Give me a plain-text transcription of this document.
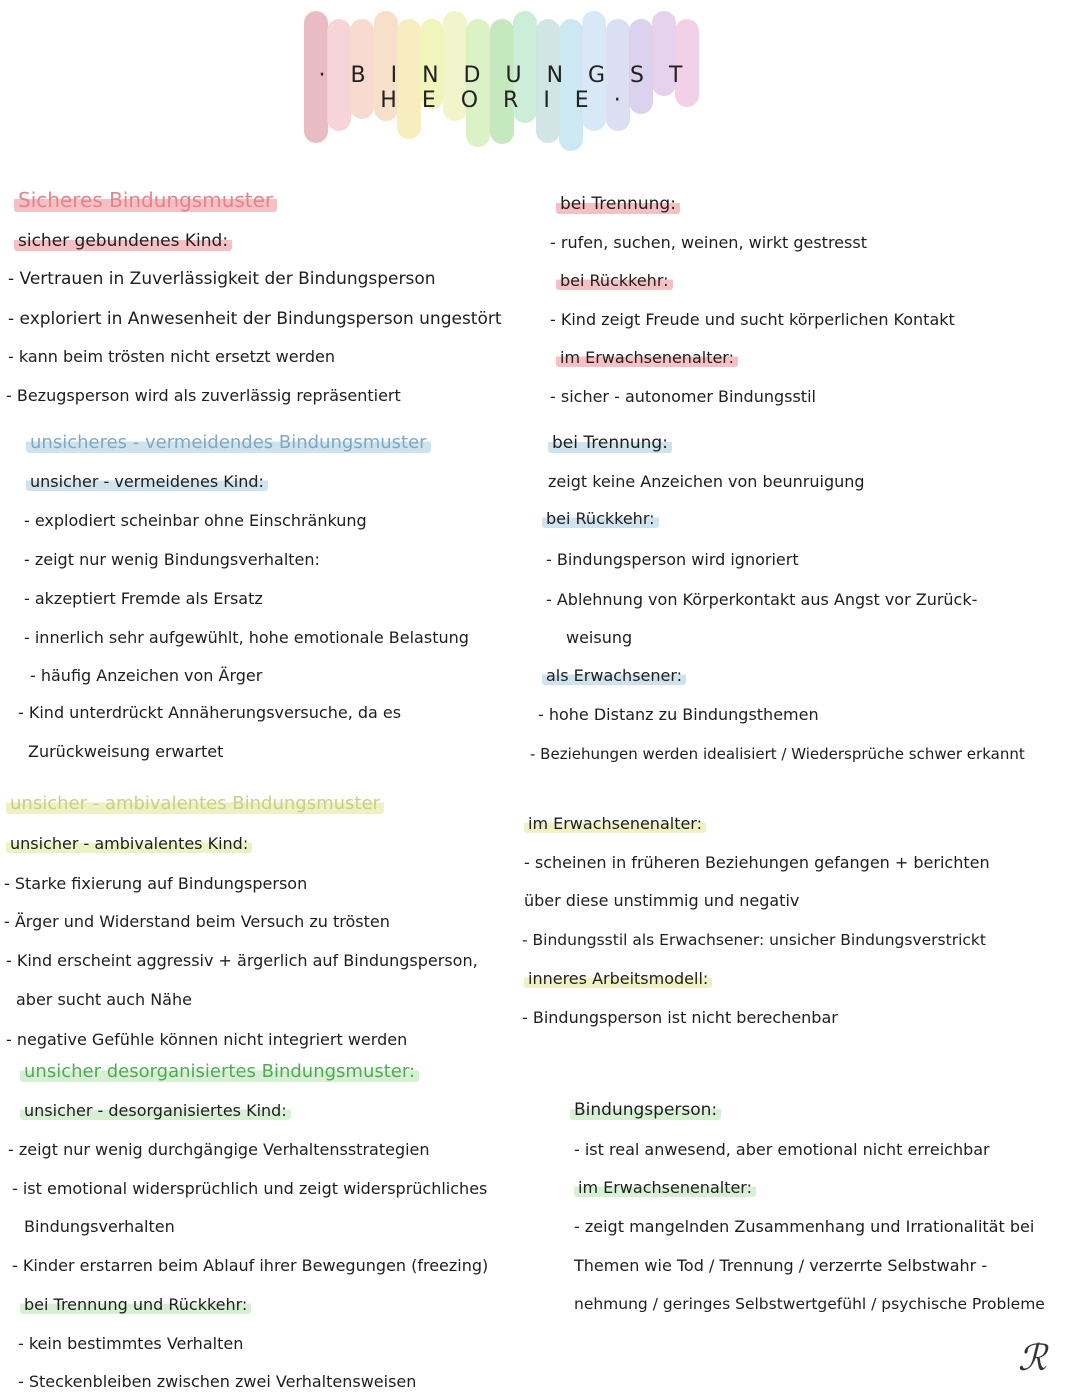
· B I N D U N G S T H E O R I E ·
Sicheres Bindungsmuster
sicher gebundenes Kind:
- Vertrauen in Zuverlässigkeit der Bindungsperson
- exploriert in Anwesenheit der Bindungsperson ungestört
- kann beim trösten nicht ersetzt werden
- Bezugsperson wird als zuverlässig repräsentiert
bei Trennung:
- rufen, suchen, weinen, wirkt gestresst
bei Rückkehr:
- Kind zeigt Freude und sucht körperlichen Kontakt
im Erwachsenenalter:
- sicher - autonomer Bindungsstil
unsicheres - vermeidendes Bindungsmuster
unsicher - vermeidenes Kind:
- explodiert scheinbar ohne Einschränkung
- zeigt nur wenig Bindungsverhalten:
- akzeptiert Fremde als Ersatz
- innerlich sehr aufgewühlt, hohe emotionale Belastung
- häufig Anzeichen von Ärger
- Kind unterdrückt Annäherungsversuche, da es
Zurückweisung erwartet
bei Trennung:
zeigt keine Anzeichen von beunruigung
bei Rückkehr:
- Bindungsperson wird ignoriert
- Ablehnung von Körperkontakt aus Angst vor Zurück-
weisung
als Erwachsener:
- hohe Distanz zu Bindungsthemen
- Beziehungen werden idealisiert / Wiedersprüche schwer erkannt
unsicher - ambivalentes Bindungsmuster
unsicher - ambivalentes Kind:
- Starke fixierung auf Bindungsperson
- Ärger und Widerstand beim Versuch zu trösten
- Kind erscheint aggressiv + ärgerlich auf Bindungsperson,
aber sucht auch Nähe
- negative Gefühle können nicht integriert werden
im Erwachsenenalter:
- scheinen in früheren Beziehungen gefangen + berichten
über diese unstimmig und negativ
- Bindungsstil als Erwachsener: unsicher Bindungsverstrickt
inneres Arbeitsmodell:
- Bindungsperson ist nicht berechenbar
unsicher desorganisiertes Bindungsmuster:
unsicher - desorganisiertes Kind:
- zeigt nur wenig durchgängige Verhaltensstrategien
- ist emotional widersprüchlich und zeigt widersprüchliches
Bindungsverhalten
- Kinder erstarren beim Ablauf ihrer Bewegungen (freezing)
bei Trennung und Rückkehr:
- kein bestimmtes Verhalten
- Steckenbleiben zwischen zwei Verhaltensweisen
Bindungsperson:
- ist real anwesend, aber emotional nicht erreichbar
im Erwachsenenalter:
- zeigt mangelnden Zusammenhang und Irrationalität bei
Themen wie Tod / Trennung / verzerrte Selbstwahr -
nehmung / geringes Selbstwertgefühl / psychische Probleme
ℛ
